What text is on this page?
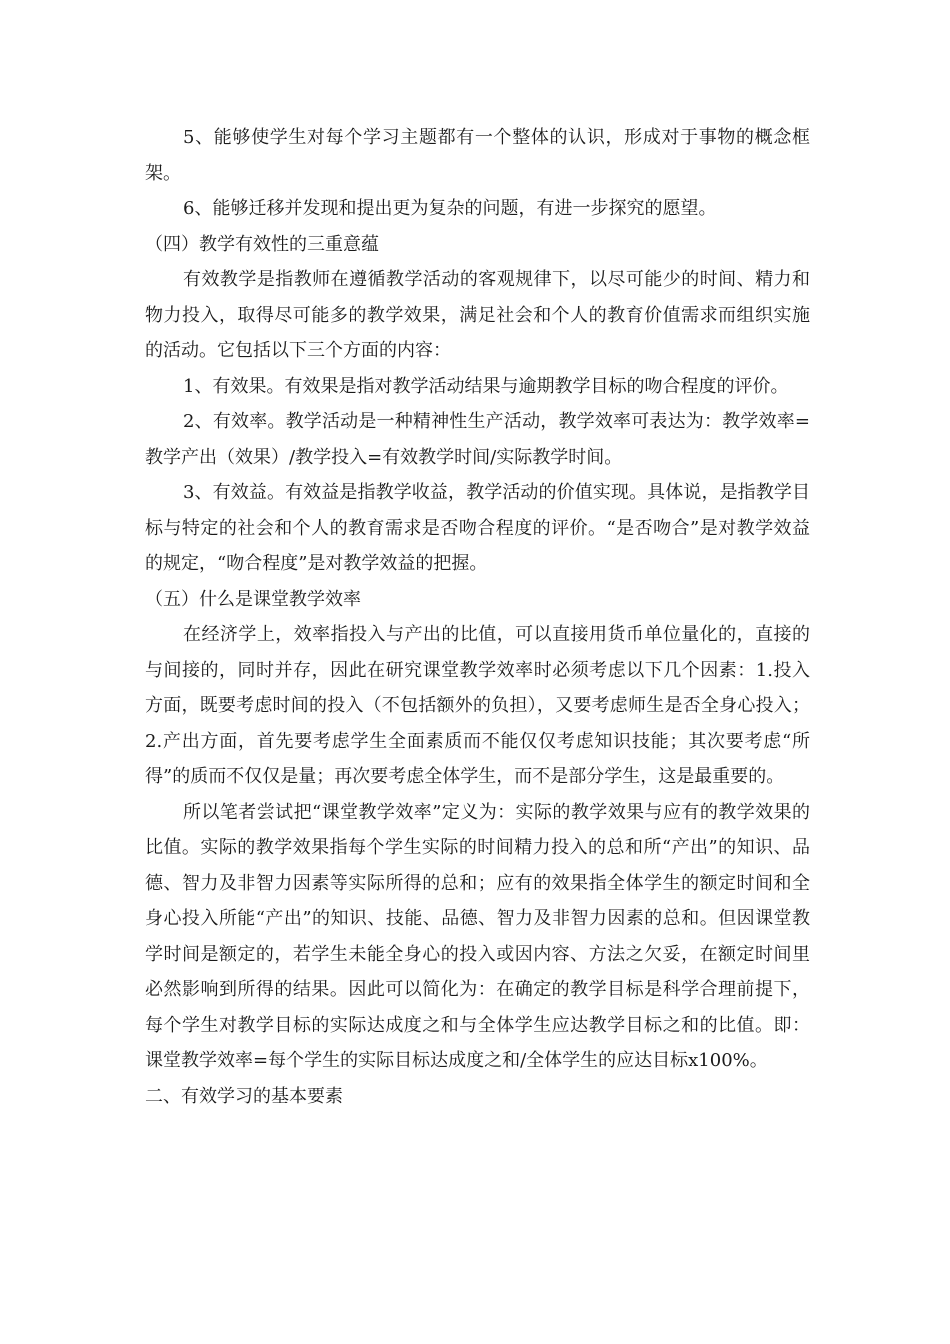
5、能够使学生对每个学习主题都有一个整体的认识，形成对于事物的概念框架。

6、能够迁移并发现和提出更为复杂的问题，有进一步探究的愿望。

（四）教学有效性的三重意蕴

有效教学是指教师在遵循教学活动的客观规律下，以尽可能少的时间、精力和物力投入，取得尽可能多的教学效果，满足社会和个人的教育价值需求而组织实施的活动。它包括以下三个方面的内容：

1、有效果。有效果是指对教学活动结果与逾期教学目标的吻合程度的评价。

2、有效率。教学活动是一种精神性生产活动，教学效率可表达为：教学效率=教学产出（效果）/教学投入=有效教学时间/实际教学时间。

3、有效益。有效益是指教学收益，教学活动的价值实现。具体说，是指教学目标与特定的社会和个人的教育需求是否吻合程度的评价。“是否吻合”是对教学效益的规定，“吻合程度”是对教学效益的把握。

（五）什么是课堂教学效率

在经济学上，效率指投入与产出的比值，可以直接用货币单位量化的，直接的与间接的，同时并存，因此在研究课堂教学效率时必须考虑以下几个因素：1.投入方面，既要考虑时间的投入（不包括额外的负担），又要考虑师生是否全身心投入；2.产出方面，首先要考虑学生全面素质而不能仅仅考虑知识技能；其次要考虑“所得”的质而不仅仅是量；再次要考虑全体学生，而不是部分学生，这是最重要的。

所以笔者尝试把“课堂教学效率”定义为：实际的教学效果与应有的教学效果的比值。实际的教学效果指每个学生实际的时间精力投入的总和所“产出”的知识、品德、智力及非智力因素等实际所得的总和；应有的效果指全体学生的额定时间和全身心投入所能“产出”的知识、技能、品德、智力及非智力因素的总和。但因课堂教学时间是额定的，若学生未能全身心的投入或因内容、方法之欠妥，在额定时间里必然影响到所得的结果。因此可以简化为：在确定的教学目标是科学合理前提下，每个学生对教学目标的实际达成度之和与全体学生应达教学目标之和的比值。即：课堂教学效率=每个学生的实际目标达成度之和/全体学生的应达目标x100%。

二、有效学习的基本要素
